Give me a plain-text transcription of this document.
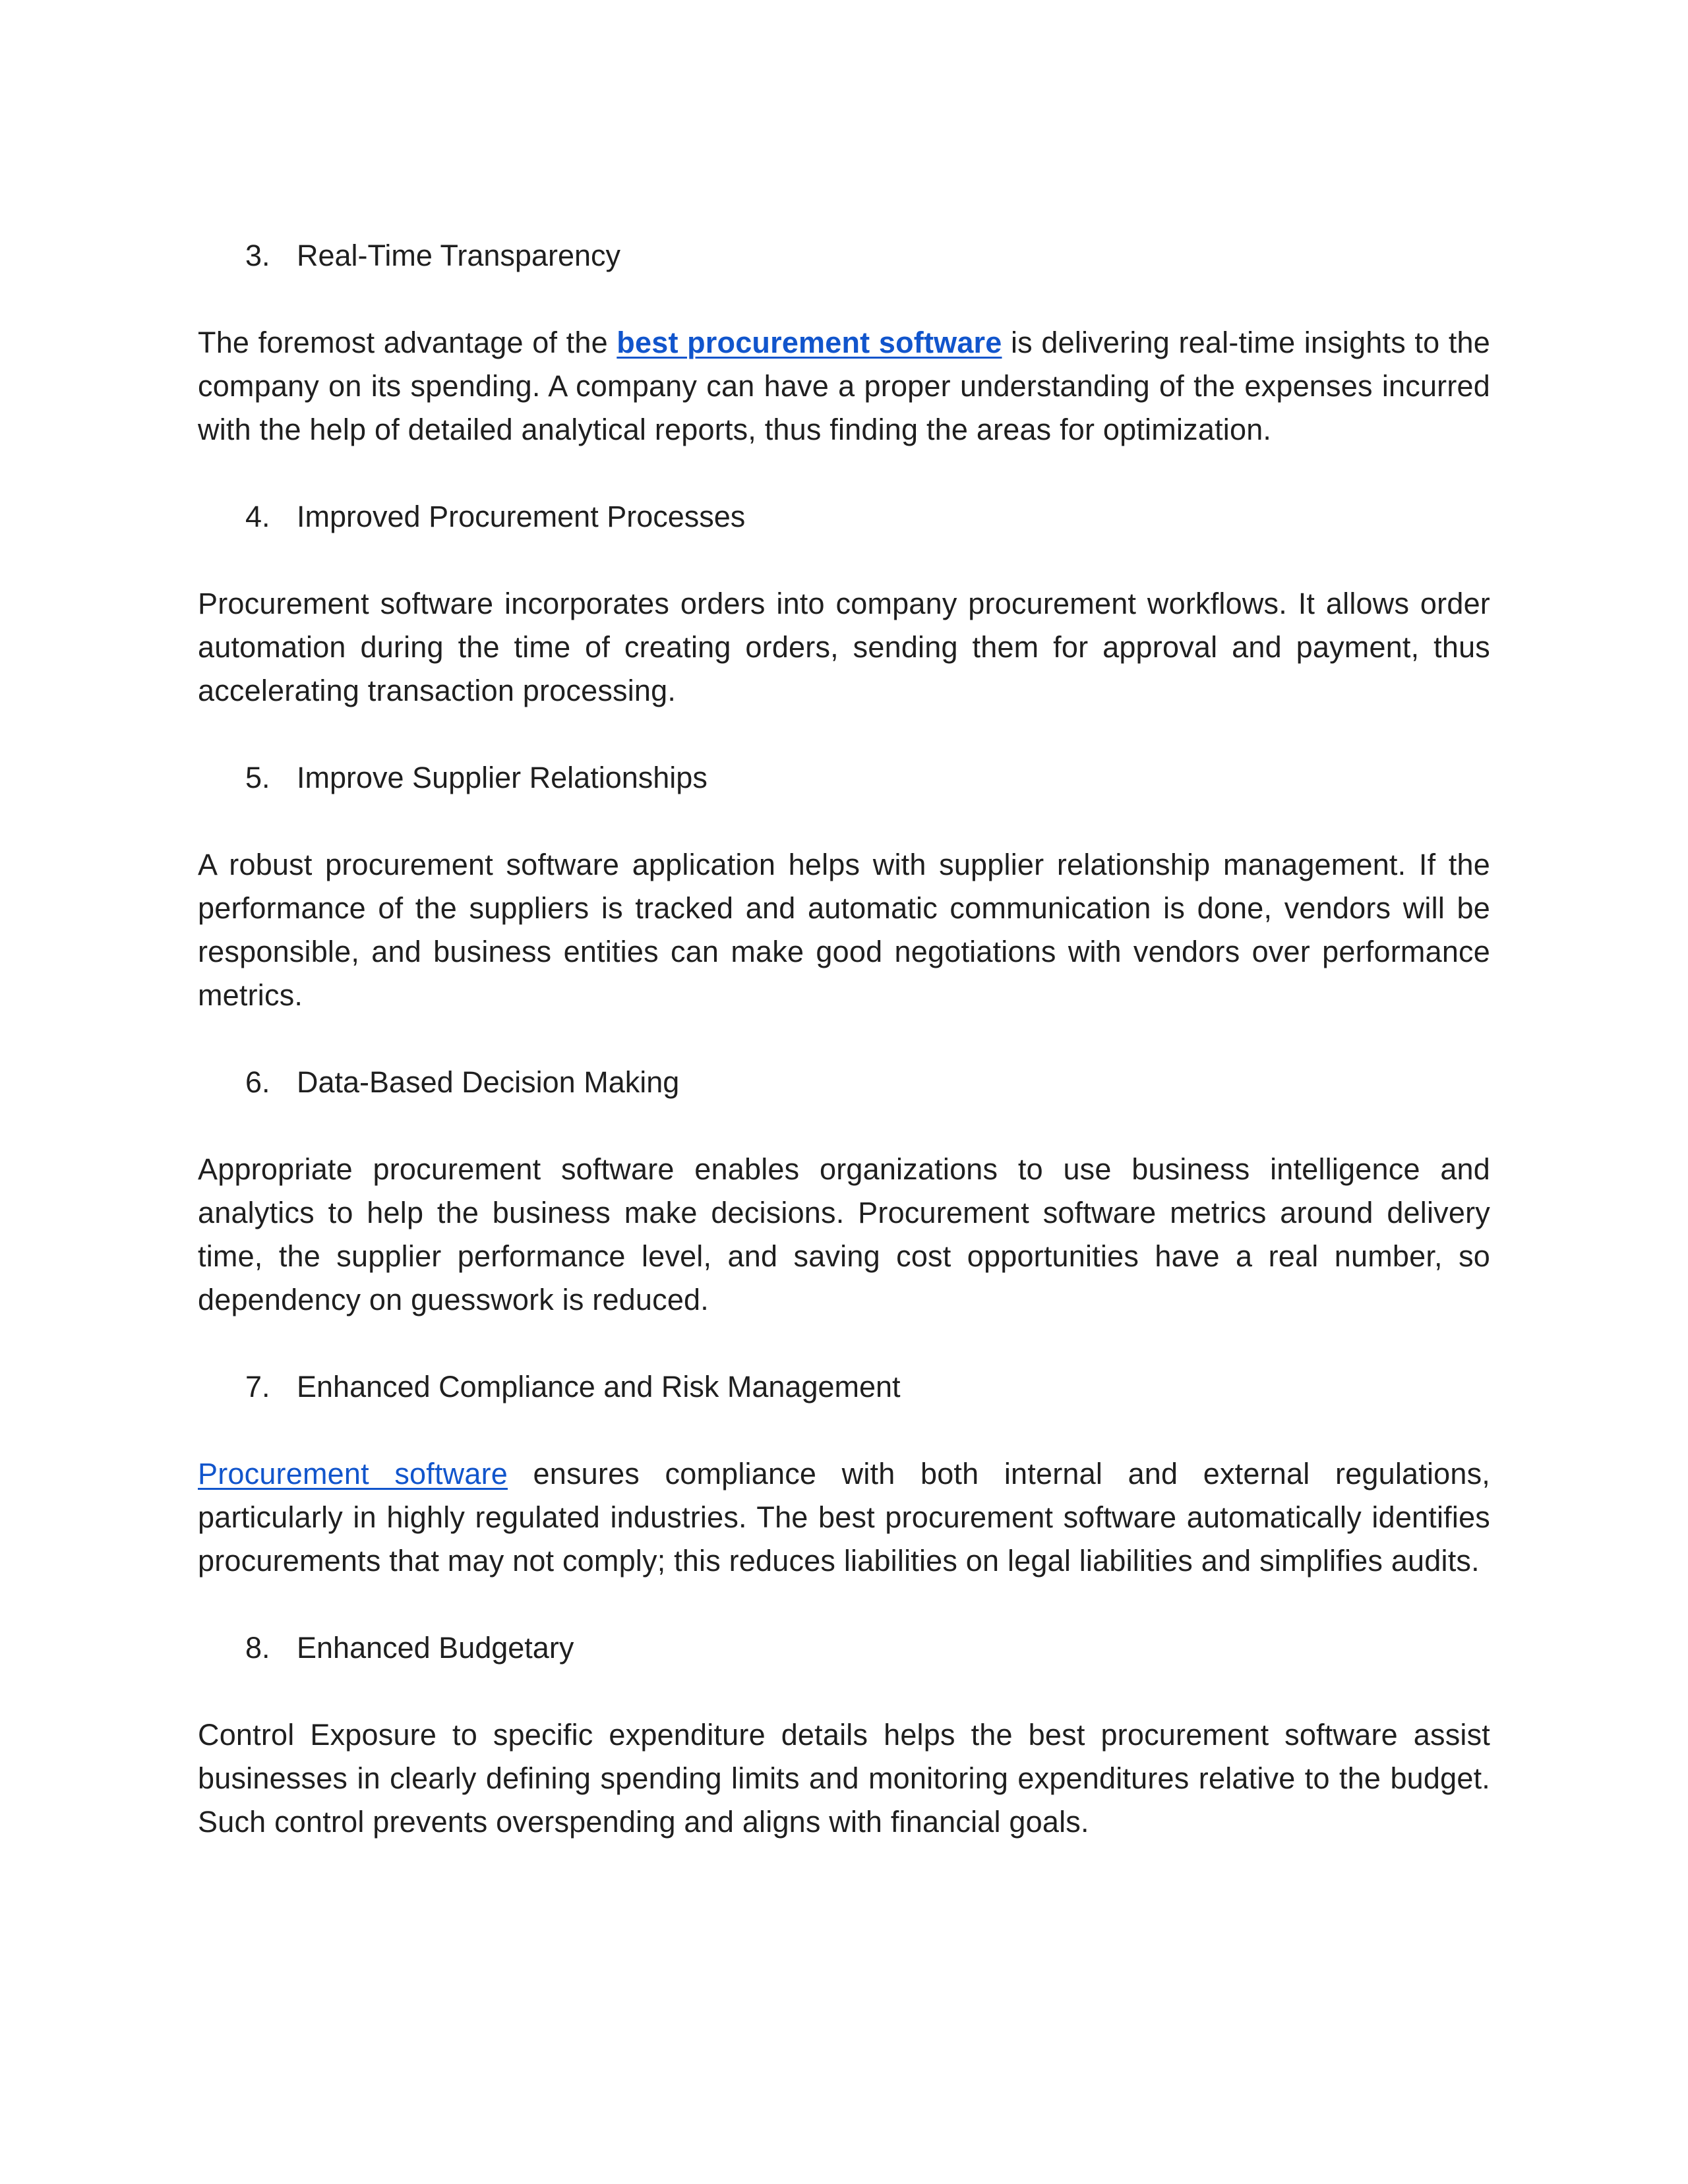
3. Real-Time Transparency

The foremost advantage of the best procurement software is delivering real-time insights to the company on its spending. A company can have a proper understanding of the expenses incurred with the help of detailed analytical reports, thus finding the areas for optimization.

4. Improved Procurement Processes

Procurement software incorporates orders into company procurement workflows. It allows order automation during the time of creating orders, sending them for approval and payment, thus accelerating transaction processing.

5. Improve Supplier Relationships

A robust procurement software application helps with supplier relationship management. If the performance of the suppliers is tracked and automatic communication is done, vendors will be responsible, and business entities can make good negotiations with vendors over performance metrics.

6. Data-Based Decision Making

Appropriate procurement software enables organizations to use business intelligence and analytics to help the business make decisions. Procurement software metrics around delivery time, the supplier performance level, and saving cost opportunities have a real number, so dependency on guesswork is reduced.

7. Enhanced Compliance and Risk Management

Procurement software ensures compliance with both internal and external regulations, particularly in highly regulated industries. The best procurement software automatically identifies procurements that may not comply; this reduces liabilities on legal liabilities and simplifies audits.

8. Enhanced Budgetary

Control Exposure to specific expenditure details helps the best procurement software assist businesses in clearly defining spending limits and monitoring expenditures relative to the budget. Such control prevents overspending and aligns with financial goals.
